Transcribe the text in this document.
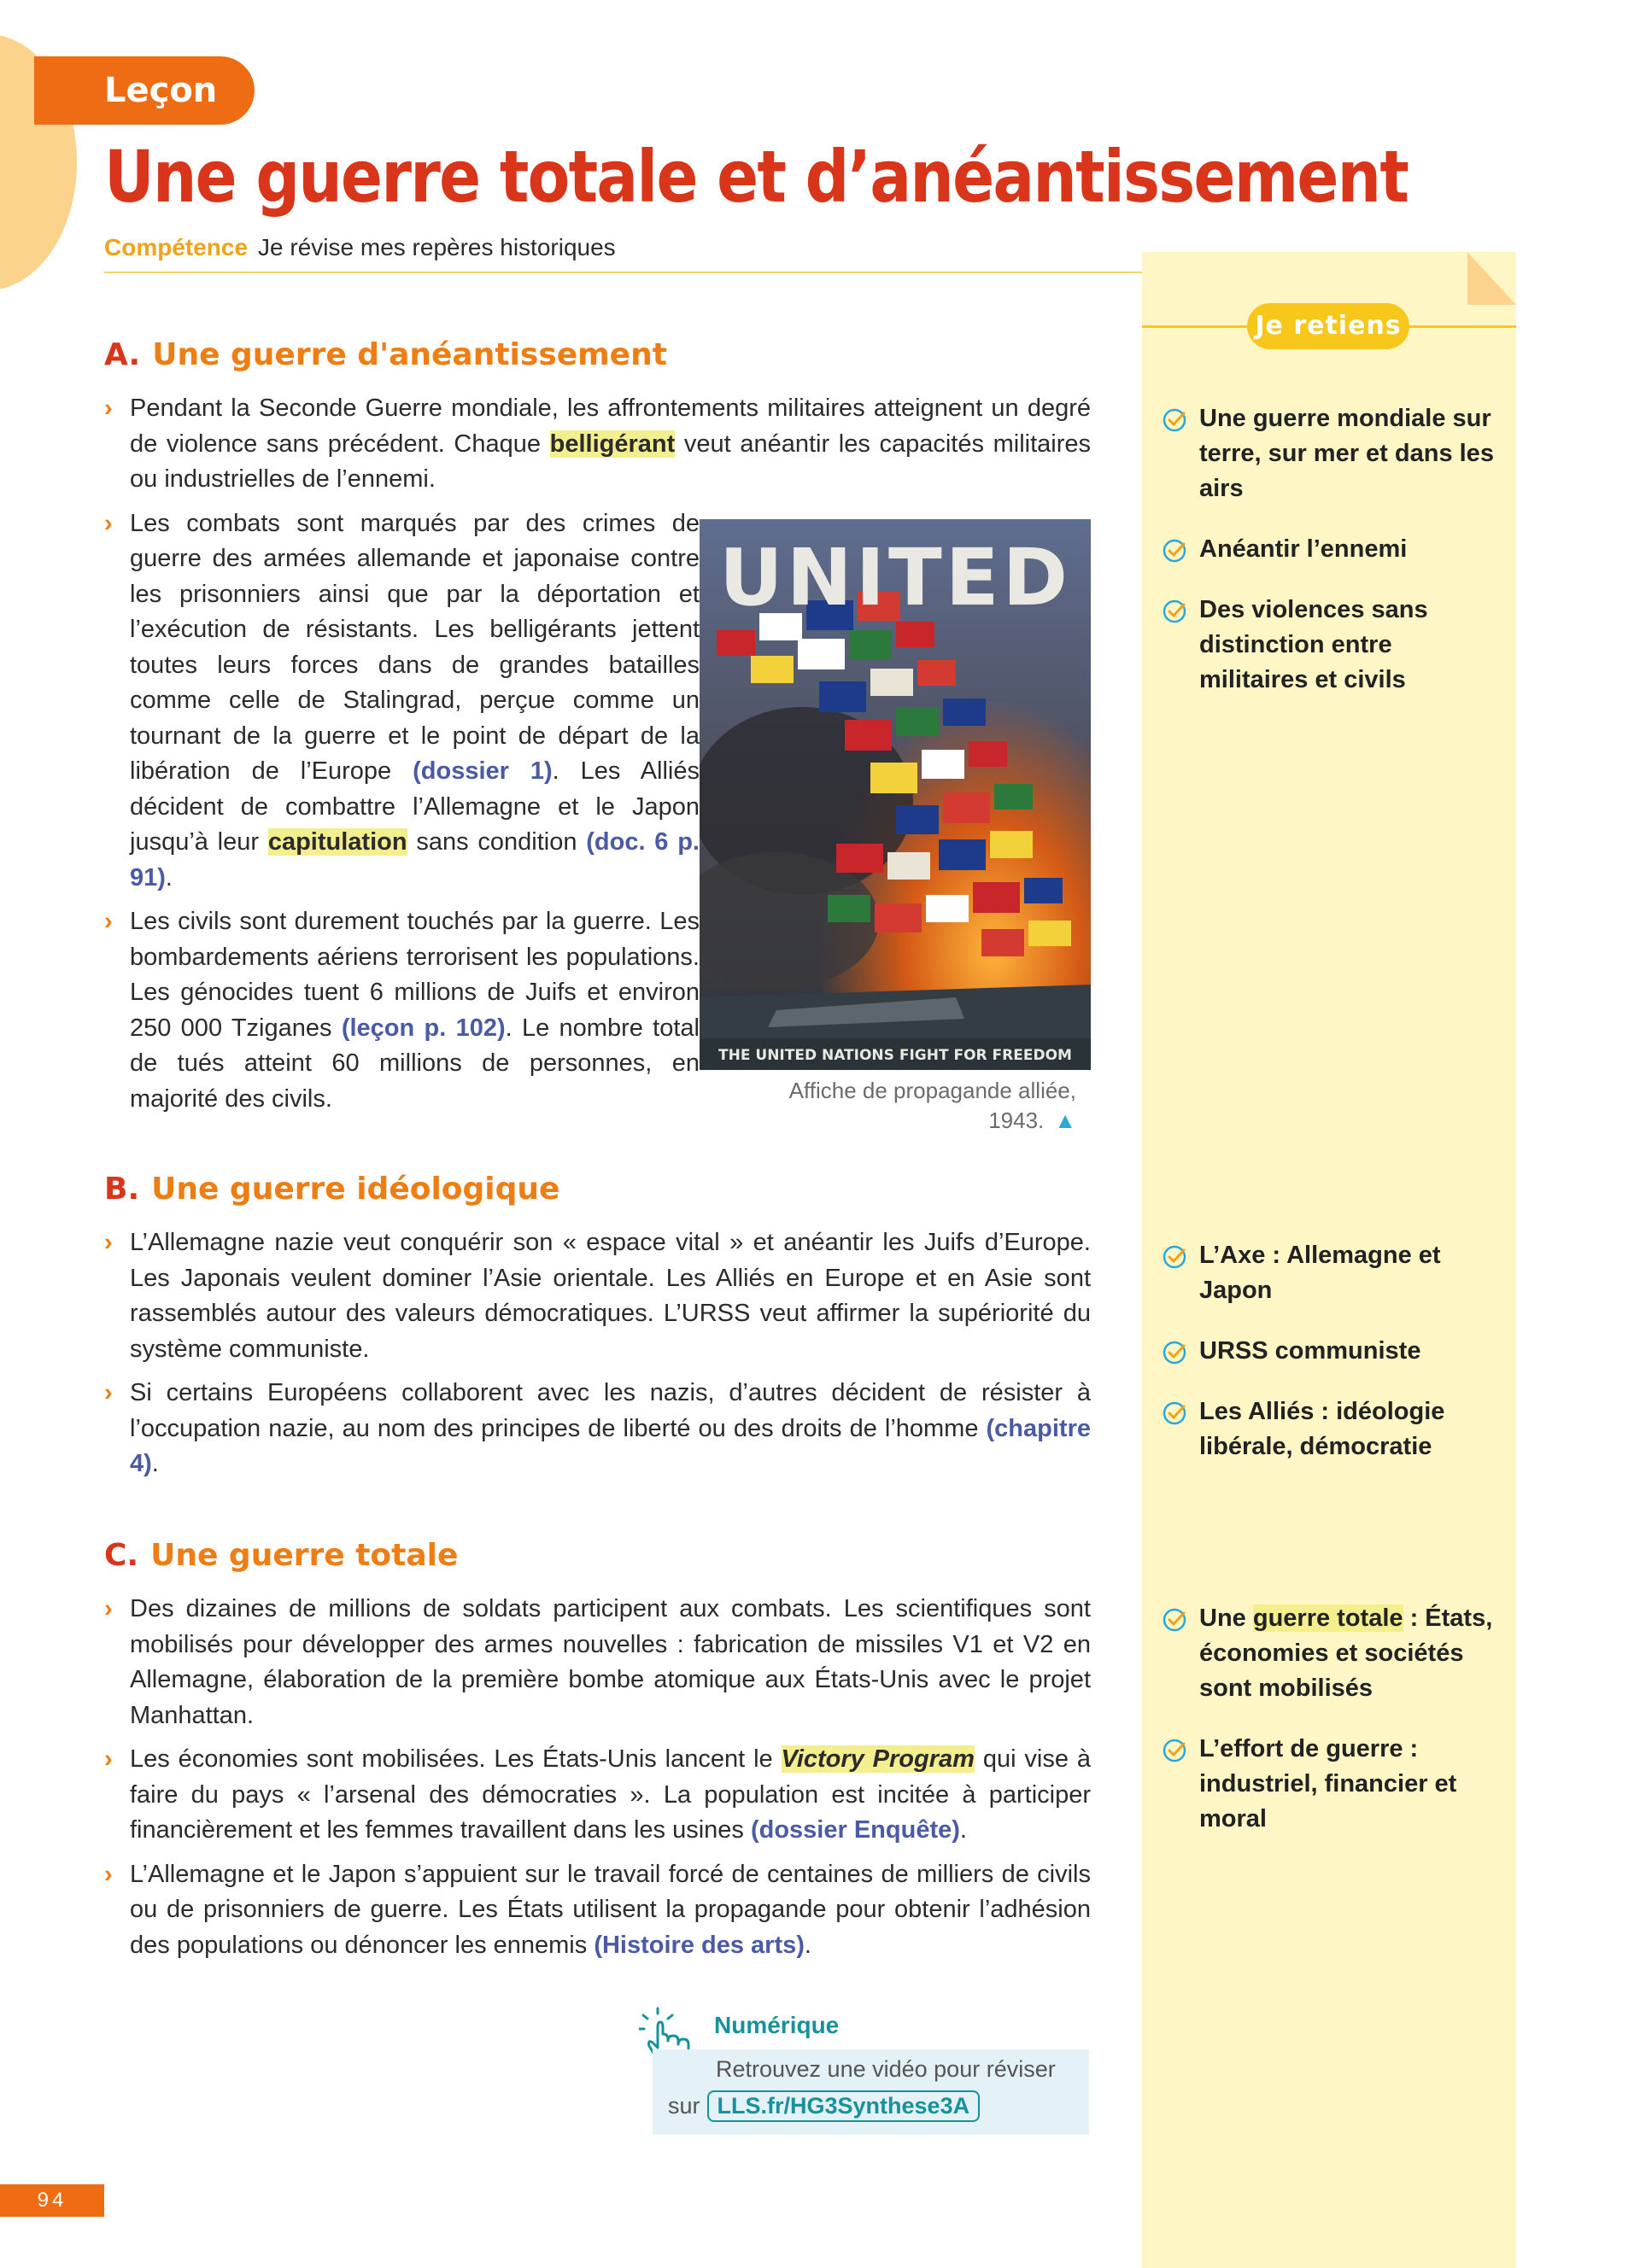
Leçon
Une guerre totale et d’anéantissement
Compétence Je révise mes repères historiques
Je retiens
Une guerre mondiale sur terre, sur mer et dans les airs
Anéantir l’ennemi
Des violences sans distinction entre militaires et civils
L’Axe : Allemagne et Japon
URSS communiste
Les Alliés : idéologie libérale, démocratie
Une guerre totale : États, économies et sociétés sont mobilisés
L’effort de guerre : industriel, financier et moral
A. Une guerre d'anéantissement

› Pendant la Seconde Guerre mondiale, les affrontements militaires atteignent un degré de violence sans précédent. Chaque belligérant veut anéantir les capacités militaires ou industrielles de l’ennemi.

› Les combats sont marqués par des crimes de guerre des armées allemande et japonaise contre les prisonniers ainsi que par la déportation et l’exécution de résistants. Les belligérants jettent toutes leurs forces dans de grandes batailles comme celle de Stalingrad, perçue comme un tournant de la guerre et le point de départ de la libération de l’Europe (dossier 1). Les Alliés décident de combattre l’Allemagne et le Japon jusqu’à leur capitulation sans condition (doc. 6 p. 91).

› Les civils sont durement touchés par la guerre. Les bombardements aériens terrorisent les populations. Les génocides tuent 6 millions de Juifs et environ 250 000 Tziganes (leçon p. 102). Le nombre total de tués atteint 60 millions de personnes, en majorité des civils.

UNITED
THE UNITED NATIONS FIGHT FOR FREEDOM
Affiche de propagande alliée, 1943. ▲
B. Une guerre idéologique

› L’Allemagne nazie veut conquérir son « espace vital » et anéantir les Juifs d’Europe. Les Japonais veulent dominer l’Asie orientale. Les Alliés en Europe et en Asie sont rassemblés autour des valeurs démocratiques. L’URSS veut affirmer la supériorité du système communiste.

› Si certains Européens collaborent avec les nazis, d’autres décident de résister à l’occupation nazie, au nom des principes de liberté ou des droits de l’homme (chapitre 4).

C. Une guerre totale

› Des dizaines de millions de soldats participent aux combats. Les scientifiques sont mobilisés pour développer des armes nouvelles : fabrication de missiles V1 et V2 en Allemagne, élaboration de la première bombe atomique aux États-Unis avec le projet Manhattan.

› Les économies sont mobilisées. Les États-Unis lancent le Victory Program qui vise à faire du pays « l’arsenal des démocraties ». La population est incitée à participer financièrement et les femmes travaillent dans les usines (dossier Enquête).

› L’Allemagne et le Japon s’appuient sur le travail forcé de centaines de milliers de civils ou de prisonniers de guerre. Les États utilisent la propagande pour obtenir l’adhésion des populations ou dénoncer les ennemis (Histoire des arts).

Numérique
Retrouvez une vidéo pour réviser
sur LLS.fr/HG3Synthese3A
94
